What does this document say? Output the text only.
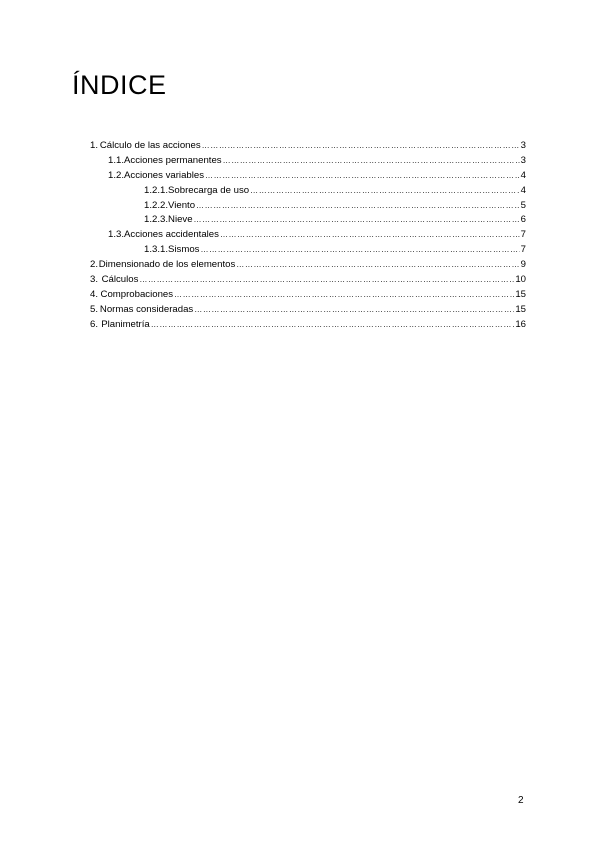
ÍNDICE
1. Cálculo de las acciones …………………………………………………………………………………………………………………………………………………………………………	3
1.1. Acciones permanentes …………………………………………………………………………………………………………………………………………………………………………	3
1.2. Acciones variables …………………………………………………………………………………………………………………………………………………………………………	4
1.2.1. Sobrecarga de uso …………………………………………………………………………………………………………………………………………………………………………	4
1.2.2. Viento …………………………………………………………………………………………………………………………………………………………………………	5
1.2.3. Nieve …………………………………………………………………………………………………………………………………………………………………………	6
1.3. Acciones accidentales …………………………………………………………………………………………………………………………………………………………………………	7
1.3.1. Sismos …………………………………………………………………………………………………………………………………………………………………………	7
2. Dimensionado de los elementos …………………………………………………………………………………………………………………………………………………………………………	9
3. Cálculos …………………………………………………………………………………………………………………………………………………………………………	10
4. Comprobaciones …………………………………………………………………………………………………………………………………………………………………………	15
5. Normas consideradas …………………………………………………………………………………………………………………………………………………………………………	15
6. Planimetría …………………………………………………………………………………………………………………………………………………………………………	16
2
